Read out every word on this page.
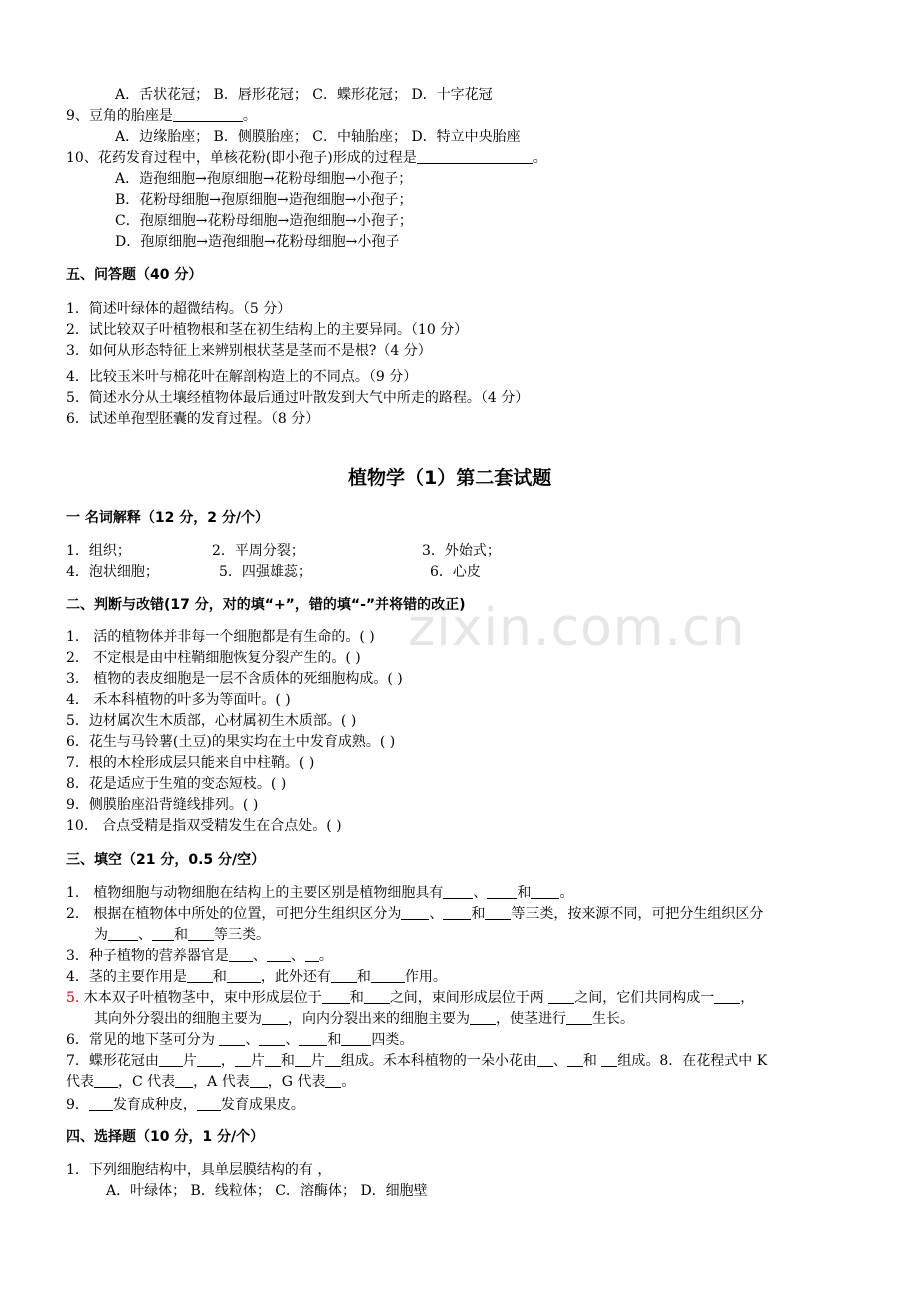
zixin.com.cn
A．舌状花冠； B．唇形花冠； C．蝶形花冠； D．十字花冠
9、豆角的胎座是	。
A．边缘胎座； B．侧膜胎座； C．中轴胎座； D．特立中央胎座
10、花药发育过程中，单核花粉(即小孢子)形成的过程是	。
A．造孢细胞→孢原细胞→花粉母细胞→小孢子；
B．花粉母细胞→孢原细胞→造孢细胞→小孢子；
C．孢原细胞→花粉母细胞→造孢细胞→小孢子；
D．孢原细胞→造孢细胞→花粉母细胞→小孢子
五、问答题（40 分）
1．简述叶绿体的超微结构。（5 分）
2．试比较双子叶植物根和茎在初生结构上的主要异同。（10 分）
3．如何从形态特征上来辨别根状茎是茎而不是根?（4 分）
4．比较玉米叶与棉花叶在解剖构造上的不同点。（9 分）
5．简述水分从土壤经植物体最后通过叶散发到大气中所走的路程。（4 分）
6．试述单孢型胚囊的发育过程。（8 分）
植物学（1）第二套试题
一 名词解释（12 分，2 分/个）
1．组织；	2．平周分裂；	3．外始式；
4．泡状细胞；	5．四强雄蕊；	6．心皮
二、判断与改错(17 分，对的填“+”，错的填“-”并将错的改正)
1． 活的植物体并非每一个细胞都是有生命的。( )
2． 不定根是由中柱鞘细胞恢复分裂产生的。( )
3． 植物的表皮细胞是一层不含质体的死细胞构成。( )
4． 禾本科植物的叶多为等面叶。( )
5．边材属次生木质部，心材属初生木质部。( )
6．花生与马铃薯(土豆)的果实均在土中发育成熟。( )
7．根的木栓形成层只能来自中柱鞘。( )
8．花是适应于生殖的变态短枝。( )
9．侧膜胎座沿背缝线排列。( )
10． 合点受精是指双受精发生在合点处。( )
三、填空（21 分，0.5 分/空）
1． 植物细胞与动物细胞在结构上的主要区别是植物细胞具有 、 和 。
2． 根据在植物体中所处的位置，可把分生组织区分为 、 和 等三类，按来源不同，可把分生组织区分
为 、 和 等三类。
3．种子植物的营养器官是 、 、 。
4．茎的主要作用是 和 ，此外还有 和 作用。
5. 木本双子叶植物茎中，束中形成层位于 和 之间，束间形成层位于两 之间，它们共同构成一 ，
其向外分裂出的细胞主要为 ，向内分裂出来的细胞主要为 ，使茎进行 生长。
6．常见的地下茎可分为 、 、 和 四类。
7．蝶形花冠由 片 ， 片 和 片 组成。禾本科植物的一朵小花由 、 和 组成。8．在花程式中 K
代表 ，C 代表 ，A 代表 ，G 代表 。
9． 发育成种皮， 发育成果皮。
四、选择题（10 分，1 分/个）
1．下列细胞结构中，具单层膜结构的有 ，
A．叶绿体； B．线粒体； C．溶酶体； D．细胞壁
